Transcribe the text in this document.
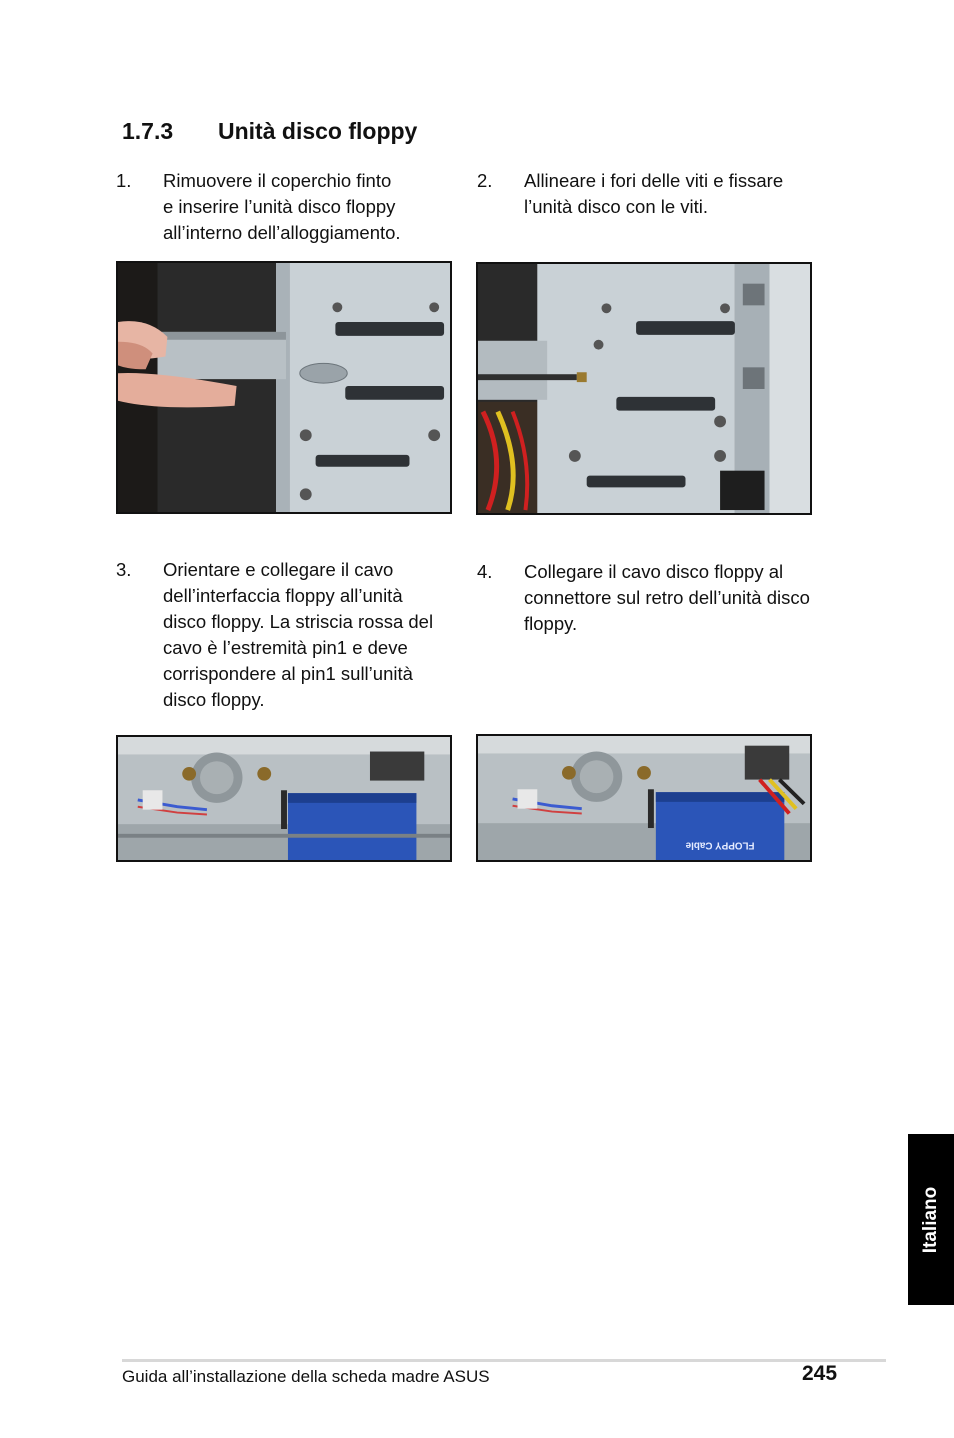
1.7.3 Unità disco floppy
1. Rimuovere il coperchio finto
e inserire l’unità disco floppy
all’interno dell’alloggiamento.
2. Allineare i fori delle viti e fissare
l’unità disco con le viti.
3. Orientare e collegare il cavo
dell’interfaccia floppy all’unità
disco floppy. La striscia rossa del
cavo è l’estremità pin1 e deve
corrispondere al pin1 sull’unità
disco floppy.
4. Collegare il cavo disco floppy al
connettore sul retro dell’unità disco
floppy.
FLOPPY Cable
Italiano
Guida all’installazione della scheda madre ASUS	245
